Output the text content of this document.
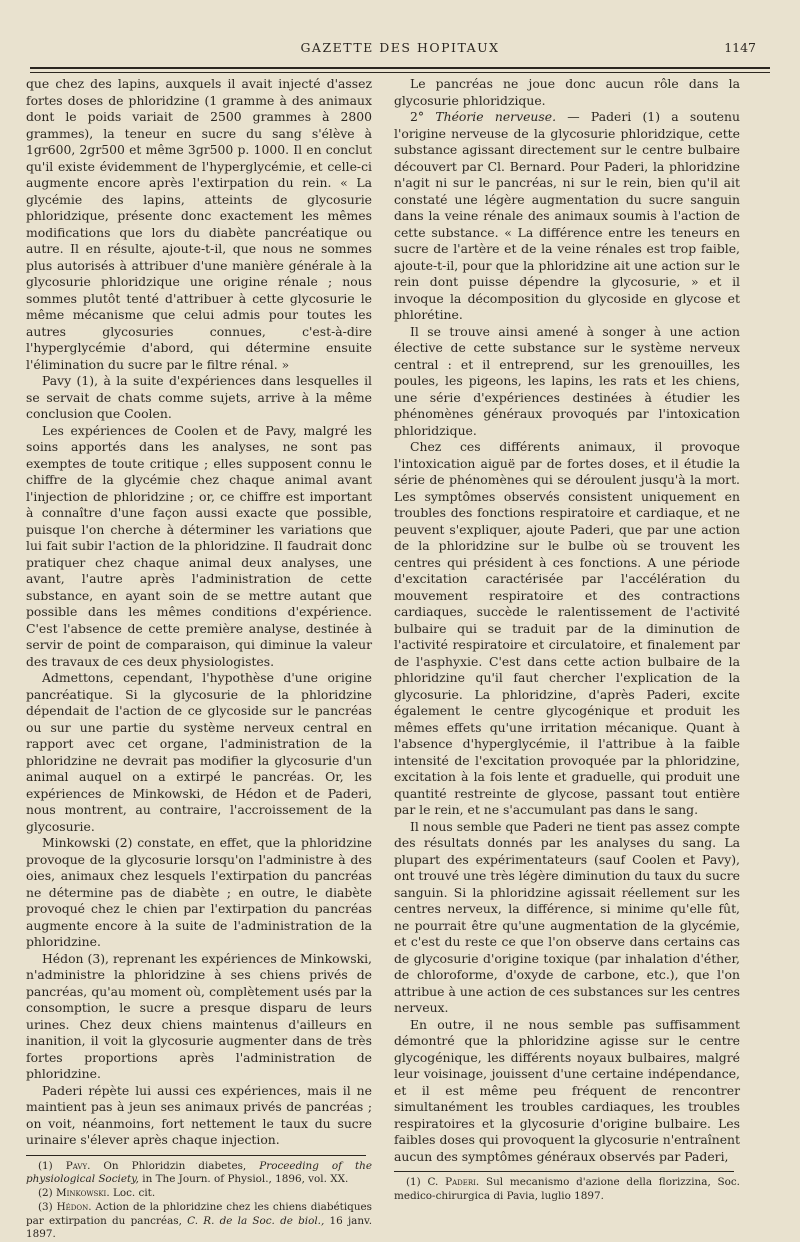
GAZETTE DES HOPITAUX	1147

que chez des lapins, auxquels il avait injecté d'assez fortes doses de phloridzine (1 gramme à des animaux dont le poids variait de 2500 grammes à 2800 grammes), la teneur en sucre du sang s'élève à 1gr600, 2gr500 et même 3gr500 p. 1000. Il en conclut qu'il existe évidemment de l'hyperglycémie, et celle-ci augmente encore après l'extirpation du rein. « La glycémie des lapins, atteints de glycosurie phloridzique, présente donc exactement les mêmes modifications que lors du diabète pancréatique ou autre. Il en résulte, ajoute-t-il, que nous ne sommes plus autorisés à attribuer d'une manière générale à la glycosurie phloridzique une origine rénale ; nous sommes plutôt tenté d'attribuer à cette glycosurie le même mécanisme que celui admis pour toutes les autres glycosuries connues, c'est-à-dire l'hyperglycémie d'abord, qui détermine ensuite l'élimination du sucre par le filtre rénal. »

Pavy (1), à la suite d'expériences dans lesquelles il se servait de chats comme sujets, arrive à la même conclusion que Coolen.

Les expériences de Coolen et de Pavy, malgré les soins apportés dans les analyses, ne sont pas exemptes de toute critique ; elles supposent connu le chiffre de la glycémie chez chaque animal avant l'injection de phloridzine ; or, ce chiffre est important à connaître d'une façon aussi exacte que possible, puisque l'on cherche à déterminer les variations que lui fait subir l'action de la phloridzine. Il faudrait donc pratiquer chez chaque animal deux analyses, une avant, l'autre après l'administration de cette substance, en ayant soin de se mettre autant que possible dans les mêmes conditions d'expérience. C'est l'absence de cette première analyse, destinée à servir de point de comparaison, qui diminue la valeur des travaux de ces deux physiologistes.

Admettons, cependant, l'hypothèse d'une origine pancréatique. Si la glycosurie de la phloridzine dépendait de l'action de ce glycoside sur le pancréas ou sur une partie du système nerveux central en rapport avec cet organe, l'administration de la phloridzine ne devrait pas modifier la glycosurie d'un animal auquel on a extirpé le pancréas. Or, les expériences de Minkowski, de Hédon et de Paderi, nous montrent, au contraire, l'accroissement de la glycosurie.

Minkowski (2) constate, en effet, que la phloridzine provoque de la glycosurie lorsqu'on l'administre à des oies, animaux chez lesquels l'extirpation du pancréas ne détermine pas de diabète ; en outre, le diabète provoqué chez le chien par l'extirpation du pancréas augmente encore à la suite de l'administration de la phloridzine.

Hédon (3), reprenant les expériences de Minkowski, n'administre la phloridzine à ses chiens privés de pancréas, qu'au moment où, complètement usés par la consomption, le sucre a presque disparu de leurs urines. Chez deux chiens maintenus d'ailleurs en inanition, il voit la glycosurie augmenter dans de très fortes proportions après l'administration de phloridzine.

Paderi répète lui aussi ces expériences, mais il ne maintient pas à jeun ses animaux privés de pancréas ; on voit, néanmoins, fort nettement le taux du sucre urinaire s'élever après chaque injection.

(1) Pavy. On Phloridzin diabetes, Proceeding of the physiological Society, in The Journ. of Physiol., 1896, vol. XX.

(2) Minkowski. Loc. cit.

(3) Hédon. Action de la phloridzine chez les chiens diabétiques par extirpation du pancréas, C. R. de la Soc. de biol., 16 janv. 1897.

Le pancréas ne joue donc aucun rôle dans la glycosurie phloridzique.

2° Théorie nerveuse. — Paderi (1) a soutenu l'origine nerveuse de la glycosurie phloridzique, cette substance agissant directement sur le centre bulbaire découvert par Cl. Bernard. Pour Paderi, la phloridzine n'agit ni sur le pancréas, ni sur le rein, bien qu'il ait constaté une légère augmentation du sucre sanguin dans la veine rénale des animaux soumis à l'action de cette substance. « La différence entre les teneurs en sucre de l'artère et de la veine rénales est trop faible, ajoute-t-il, pour que la phloridzine ait une action sur le rein dont puisse dépendre la glycosurie, » et il invoque la décomposition du glycoside en glycose et phlorétine.

Il se trouve ainsi amené à songer à une action élective de cette substance sur le système nerveux central : et il entreprend, sur les grenouilles, les poules, les pigeons, les lapins, les rats et les chiens, une série d'expériences destinées à étudier les phénomènes généraux provoqués par l'intoxication phloridzique.

Chez ces différents animaux, il provoque l'intoxication aiguë par de fortes doses, et il étudie la série de phénomènes qui se déroulent jusqu'à la mort. Les symptômes observés consistent uniquement en troubles des fonctions respiratoire et cardiaque, et ne peuvent s'expliquer, ajoute Paderi, que par une action de la phloridzine sur le bulbe où se trouvent les centres qui président à ces fonctions. A une période d'excitation caractérisée par l'accélération du mouvement respiratoire et des contractions cardiaques, succède le ralentissement de l'activité bulbaire qui se traduit par de la diminution de l'activité respiratoire et circulatoire, et finalement par de l'asphyxie. C'est dans cette action bulbaire de la phloridzine qu'il faut chercher l'explication de la glycosurie. La phloridzine, d'après Paderi, excite également le centre glycogénique et produit les mêmes effets qu'une irritation mécanique. Quant à l'absence d'hyperglycémie, il l'attribue à la faible intensité de l'excitation provoquée par la phloridzine, excitation à la fois lente et graduelle, qui produit une quantité restreinte de glycose, passant tout entière par le rein, et ne s'accumulant pas dans le sang.

Il nous semble que Paderi ne tient pas assez compte des résultats donnés par les analyses du sang. La plupart des expérimentateurs (sauf Coolen et Pavy), ont trouvé une très légère diminution du taux du sucre sanguin. Si la phloridzine agissait réellement sur les centres nerveux, la différence, si minime qu'elle fût, ne pourrait être qu'une augmentation de la glycémie, et c'est du reste ce que l'on observe dans certains cas de glycosurie d'origine toxique (par inhalation d'éther, de chloroforme, d'oxyde de carbone, etc.), que l'on attribue à une action de ces substances sur les centres nerveux.

En outre, il ne nous semble pas suffisamment démontré que la phloridzine agisse sur le centre glycogénique, les différents noyaux bulbaires, malgré leur voisinage, jouissent d'une certaine indépendance, et il est même peu fréquent de rencontrer simultanément les troubles cardiaques, les troubles respiratoires et la glycosurie d'origine bulbaire. Les faibles doses qui provoquent la glycosurie n'entraînent aucun des symptômes généraux observés par Paderi,

(1) C. Paderi. Sul mecanismo d'azione della florizzina, Soc. medico-chirurgica di Pavia, luglio 1897.
